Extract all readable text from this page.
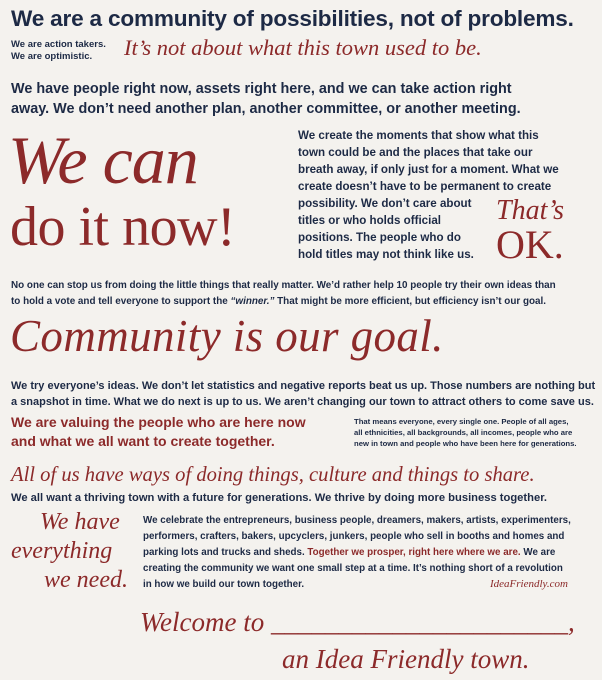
We are a community of possibilities, not of problems.
We are action takers.
We are optimistic. It’s not about what this town used to be.
We have people right now, assets right here, and we can take action right
away. We don’t need another plan, another committee, or another meeting.
We can
do it now!
We create the moments that show what this
town could be and the places that take our
breath away, if only just for a moment. What we
create doesn’t have to be permanent to create
possibility. We don’t care about
titles or who holds official
positions. The people who do
hold titles may not think like us.
That’s
OK.
No one can stop us from doing the little things that really matter. We’d rather help 10 people try their own ideas than
to hold a vote and tell everyone to support the “winner.” That might be more efficient, but efficiency isn’t our goal.
Community is our goal.
We try everyone’s ideas. We don’t let statistics and negative reports beat us up. Those numbers are nothing but
a snapshot in time. What we do next is up to us. We aren’t changing our town to attract others to come save us.
We are valuing the people who are here now
and what we all want to create together.
That means everyone, every single one. People of all ages,
all ethnicities, all backgrounds, all incomes, people who are
new in town and people who have been here for generations.
All of us have ways of doing things, culture and things to share.
We all want a thriving town with a future for generations. We thrive by doing more business together.
We have
everything
we need.
We celebrate the entrepreneurs, business people, dreamers, makers, artists, experimenters,
performers, crafters, bakers, upcyclers, junkers, people who sell in booths and homes and
parking lots and trucks and sheds. Together we prosper, right here where we are. We are
creating the community we want one small step at a time. It’s nothing short of a revolution
in how we build our town together.	IdeaFriendly.com
Welcome to ______________________,
an Idea Friendly town.
